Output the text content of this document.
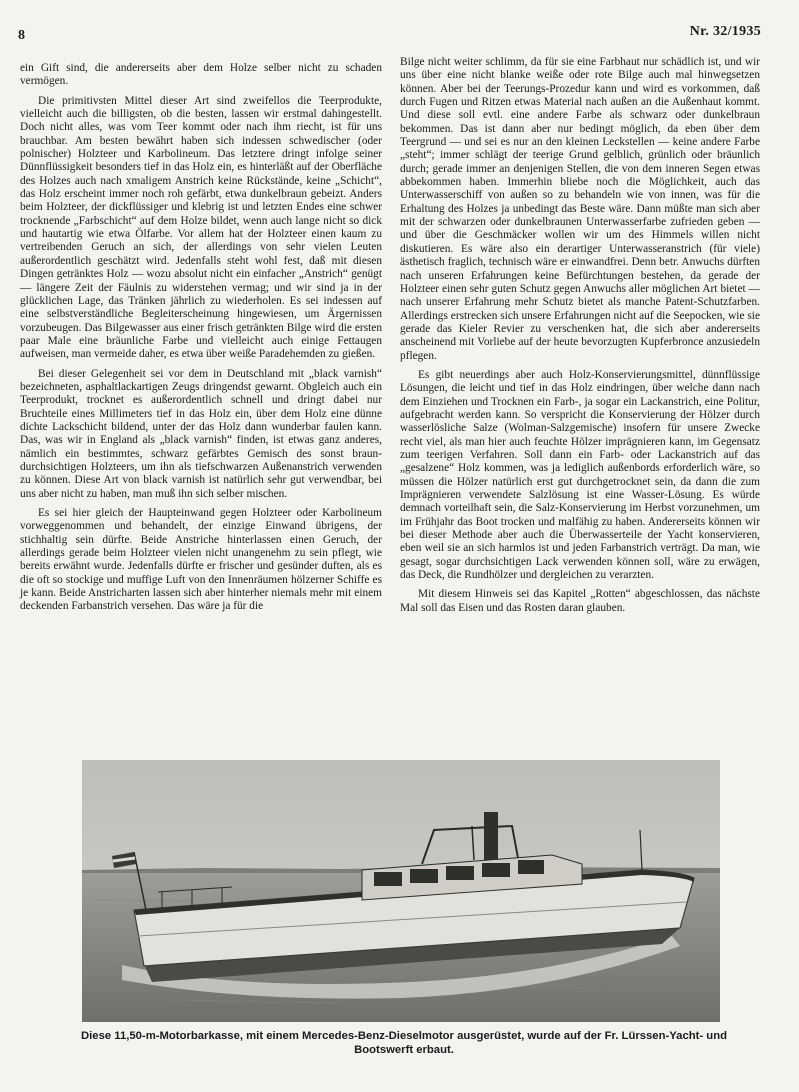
8	Nr. 32/1935

ein Gift sind, die andererseits aber dem Holze selber nicht zu schaden vermögen.

Die primitivsten Mittel dieser Art sind zweifellos die Teerprodukte, vielleicht auch die billigsten, ob die besten, lassen wir erstmal dahingestellt. Doch nicht alles, was vom Teer kommt oder nach ihm riecht, ist für uns brauchbar. Am besten bewährt haben sich indessen schwedischer (oder polnischer) Holzteer und Karbolineum. Das letztere dringt infolge seiner Dünnflüssigkeit besonders tief in das Holz ein, es hinterläßt auf der Oberfläche des Holzes auch nach xmaligem Anstrich keine Rückstände, keine „Schicht“, das Holz erscheint immer noch roh gefärbt, etwa dunkelbraun gebeizt. Anders beim Holzteer, der dickflüssiger und klebrig ist und letzten Endes eine schwer trocknende „Farbschicht“ auf dem Holze bildet, wenn auch lange nicht so dick und hautartig wie etwa Ölfarbe. Vor allem hat der Holzteer einen kaum zu vertreibenden Geruch an sich, der allerdings von sehr vielen Leuten außerordentlich geschätzt wird. Jedenfalls steht wohl fest, daß mit diesen Dingen getränktes Holz — wozu absolut nicht ein einfacher „Anstrich“ genügt — längere Zeit der Fäulnis zu widerstehen vermag; und wir sind ja in der glücklichen Lage, das Tränken jährlich zu wiederholen. Es sei indessen auf eine selbstverständliche Begleiterscheinung hingewiesen, um Ärgernissen vorzubeugen. Das Bilgewasser aus einer frisch getränkten Bilge wird die ersten paar Male eine bräunliche Farbe und vielleicht auch einige Fettaugen aufweisen, man vermeide daher, es etwa über weiße Paradehemden zu gießen.

Bei dieser Gelegenheit sei vor dem in Deutschland mit „black varnish“ bezeichneten, asphaltlackartigen Zeugs dringendst gewarnt. Obgleich auch ein Teerprodukt, trocknet es außerordentlich schnell und dringt dabei nur Bruchteile eines Millimeters tief in das Holz ein, über dem Holz eine dünne dichte Lackschicht bildend, unter der das Holz dann wunderbar faulen kann. Das, was wir in England als „black varnish“ finden, ist etwas ganz anderes, nämlich ein bestimmtes, schwarz gefärbtes Gemisch des sonst braun-durchsichtigen Holzteers, um ihn als tiefschwarzen Außenanstrich verwenden zu können. Diese Art von black varnish ist natürlich sehr gut verwendbar, bei uns aber nicht zu haben, man muß ihn sich selber mischen.

Es sei hier gleich der Haupteinwand gegen Holzteer oder Karbolineum vorweggenommen und behandelt, der einzige Einwand übrigens, der stichhaltig sein dürfte. Beide Anstriche hinterlassen einen Geruch, der allerdings gerade beim Holzteer vielen nicht unangenehm zu sein pflegt, wie bereits erwähnt wurde. Jedenfalls dürfte er frischer und gesünder duften, als es die oft so stockige und muffige Luft von den Innenräumen hölzerner Schiffe es je kann. Beide Anstricharten lassen sich aber hinterher niemals mehr mit einem deckenden Farbanstrich versehen. Das wäre ja für die

Bilge nicht weiter schlimm, da für sie eine Farbhaut nur schädlich ist, und wir uns über eine nicht blanke weiße oder rote Bilge auch mal hinwegsetzen können. Aber bei der Teerungs-Prozedur kann und wird es vorkommen, daß durch Fugen und Ritzen etwas Material nach außen an die Außenhaut kommt. Und diese soll evtl. eine andere Farbe als schwarz oder dunkelbraun bekommen. Das ist dann aber nur bedingt möglich, da eben über dem Teergrund — und sei es nur an den kleinen Leckstellen — keine andere Farbe „steht“; immer schlägt der teerige Grund gelblich, grünlich oder bräunlich durch; gerade immer an denjenigen Stellen, die von dem inneren Segen etwas abbekommen haben. Immerhin bliebe noch die Möglichkeit, auch das Unterwasserschiff von außen so zu behandeln wie von innen, was für die Erhaltung des Holzes ja unbedingt das Beste wäre. Dann müßte man sich aber mit der schwarzen oder dunkelbraunen Unterwasserfarbe zufrieden geben — und über die Geschmäcker wollen wir um des Himmels willen nicht diskutieren. Es wäre also ein derartiger Unterwasseranstrich (für viele) ästhetisch fraglich, technisch wäre er einwandfrei. Denn betr. Anwuchs dürften nach unseren Erfahrungen keine Befürchtungen bestehen, da gerade der Holzteer einen sehr guten Schutz gegen Anwuchs aller möglichen Art bietet — nach unserer Erfahrung mehr Schutz bietet als manche Patent-Schutzfarben. Allerdings erstrecken sich unsere Erfahrungen nicht auf die Seepocken, wie sie gerade das Kieler Revier zu verschenken hat, die sich aber andererseits anscheinend mit Vorliebe auf der heute bevorzugten Kupferbronce anzusiedeln pflegen.

Es gibt neuerdings aber auch Holz-Konservierungsmittel, dünnflüssige Lösungen, die leicht und tief in das Holz eindringen, über welche dann nach dem Einziehen und Trocknen ein Farb-, ja sogar ein Lackanstrich, eine Politur, aufgebracht werden kann. So verspricht die Konservierung der Hölzer durch wasserlösliche Salze (Wolman-Salzgemische) insofern für unsere Zwecke recht viel, als man hier auch feuchte Hölzer imprägnieren kann, im Gegensatz zum teerigen Verfahren. Soll dann ein Farb- oder Lackanstrich auf das „gesalzene“ Holz kommen, was ja lediglich außenbords erforderlich wäre, so müssen die Hölzer natürlich erst gut durchgetrocknet sein, da dann die zum Imprägnieren verwendete Salzlösung ist eine Wasser-Lösung. Es würde demnach vorteilhaft sein, die Salz-Konservierung im Herbst vorzunehmen, um im Frühjahr das Boot trocken und malfähig zu haben. Andererseits können wir bei dieser Methode aber auch die Überwasserteile der Yacht konservieren, eben weil sie an sich harmlos ist und jeden Farbanstrich verträgt. Da man, wie gesagt, sogar durchsichtigen Lack verwenden können soll, wäre zu erwägen, das Deck, die Rundhölzer und dergleichen zu verarzten.

Mit diesem Hinweis sei das Kapitel „Rotten“ abgeschlossen, das nächste Mal soll das Eisen und das Rosten daran glauben.

Diese 11,50-m-Motorbarkasse, mit einem Mercedes-Benz-Dieselmotor ausgerüstet, wurde auf der Fr. Lürssen-Yacht- und Bootswerft erbaut.
